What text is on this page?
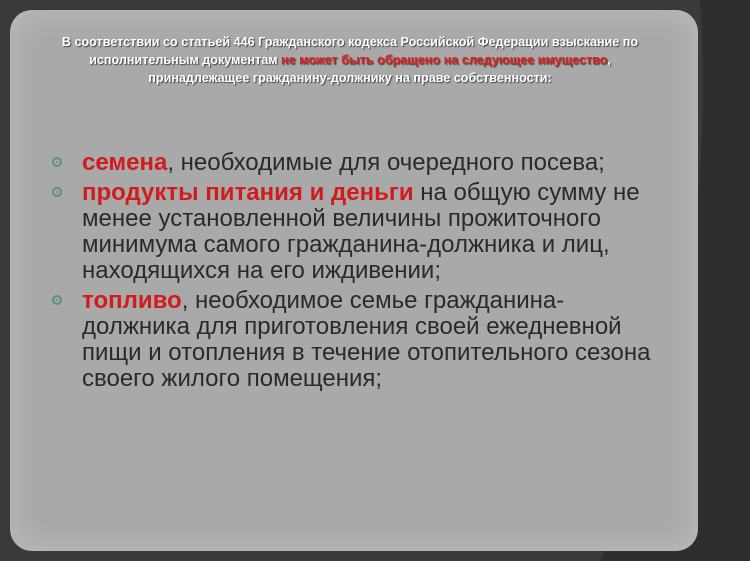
В соответствии со статьей 446 Гражданского кодекса Российской Федерации взыскание по исполнительным документам не может быть обращено на следующее имущество, принадлежащее гражданину-должнику на праве собственности:
семена, необходимые для очередного посева;
продукты питания и деньги на общую сумму не менее установленной величины прожиточного минимума самого гражданина-должника и лиц, находящихся на его иждивении;
топливо, необходимое семье гражданина-должника для приготовления своей ежедневной пищи и отопления в течение отопительного сезона своего жилого помещения;
